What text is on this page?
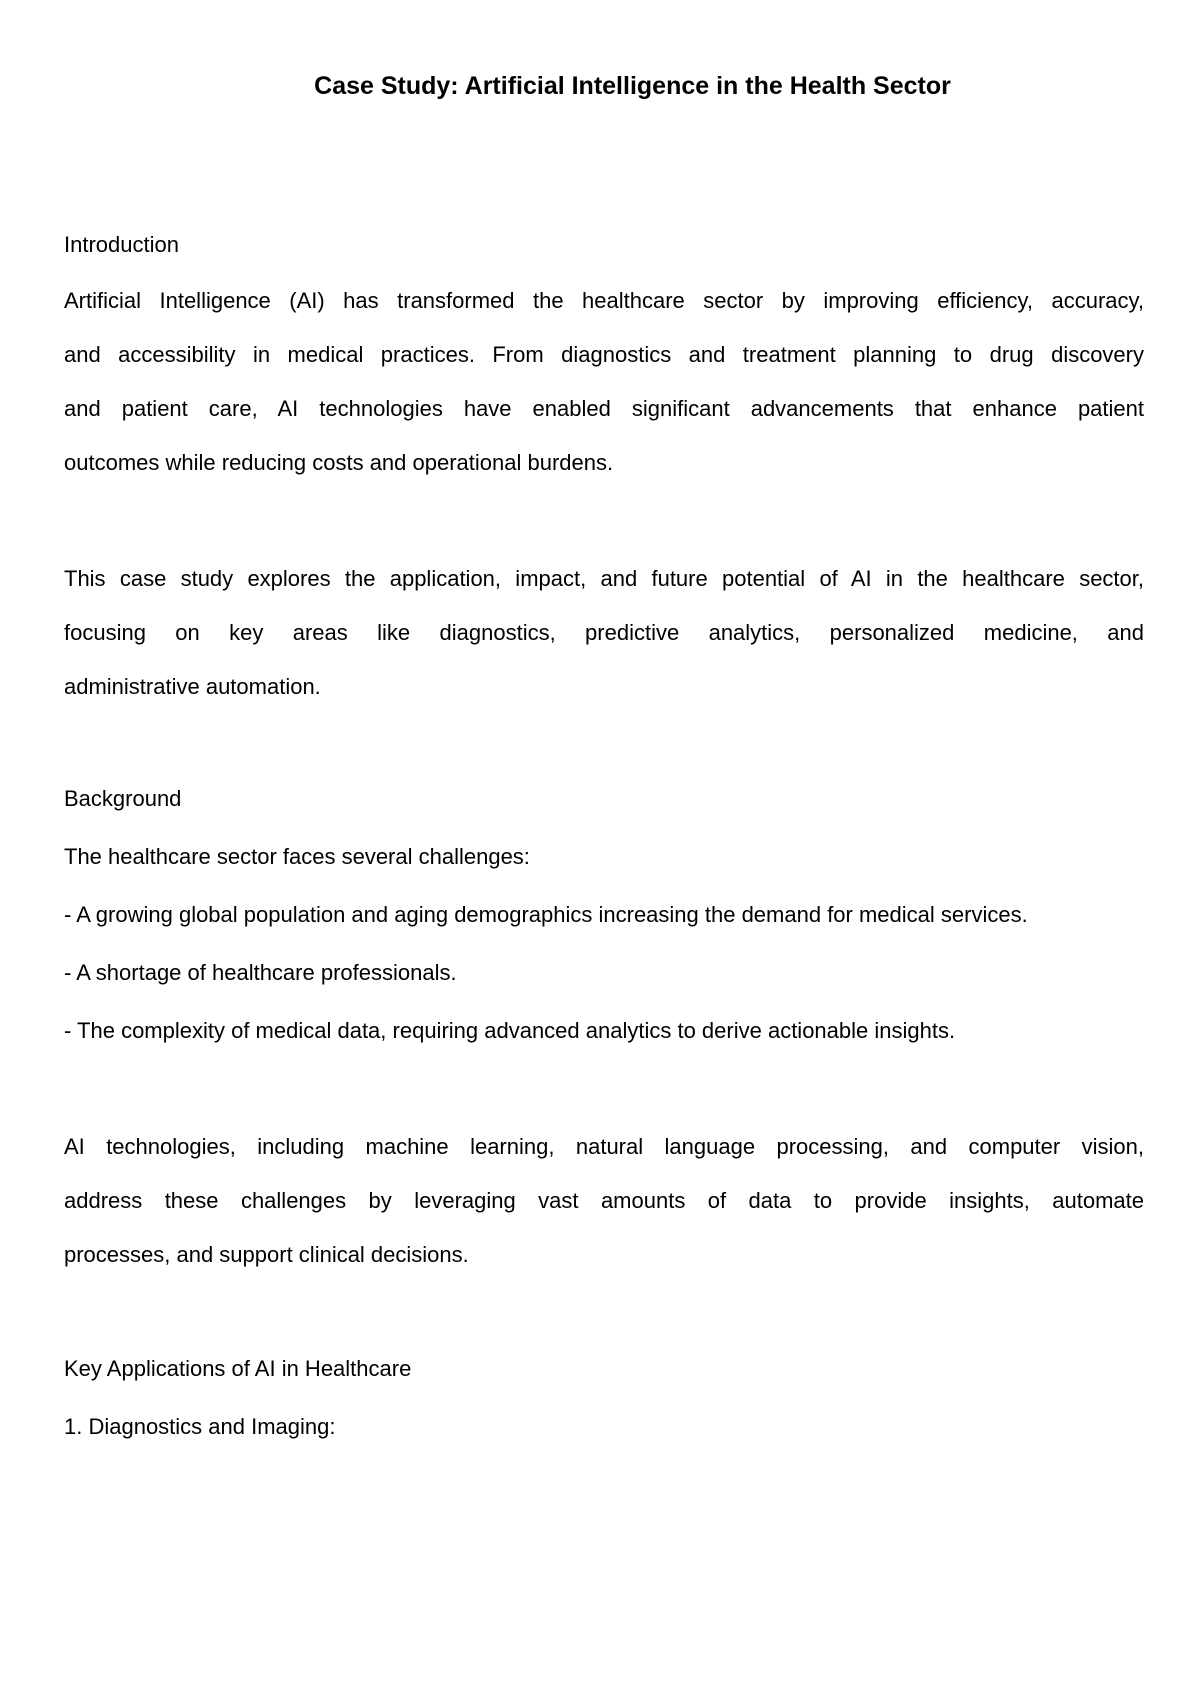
Case Study: Artificial Intelligence in the Health Sector

Introduction

Artificial Intelligence (AI) has transformed the healthcare sector by improving efficiency, accuracy,

and accessibility in medical practices. From diagnostics and treatment planning to drug discovery

and patient care, AI technologies have enabled significant advancements that enhance patient

outcomes while reducing costs and operational burdens.

This case study explores the application, impact, and future potential of AI in the healthcare sector,

focusing on key areas like diagnostics, predictive analytics, personalized medicine, and

administrative automation.

Background

The healthcare sector faces several challenges:

- A growing global population and aging demographics increasing the demand for medical services.

- A shortage of healthcare professionals.

- The complexity of medical data, requiring advanced analytics to derive actionable insights.

AI technologies, including machine learning, natural language processing, and computer vision,

address these challenges by leveraging vast amounts of data to provide insights, automate

processes, and support clinical decisions.

Key Applications of AI in Healthcare

1. Diagnostics and Imaging:
